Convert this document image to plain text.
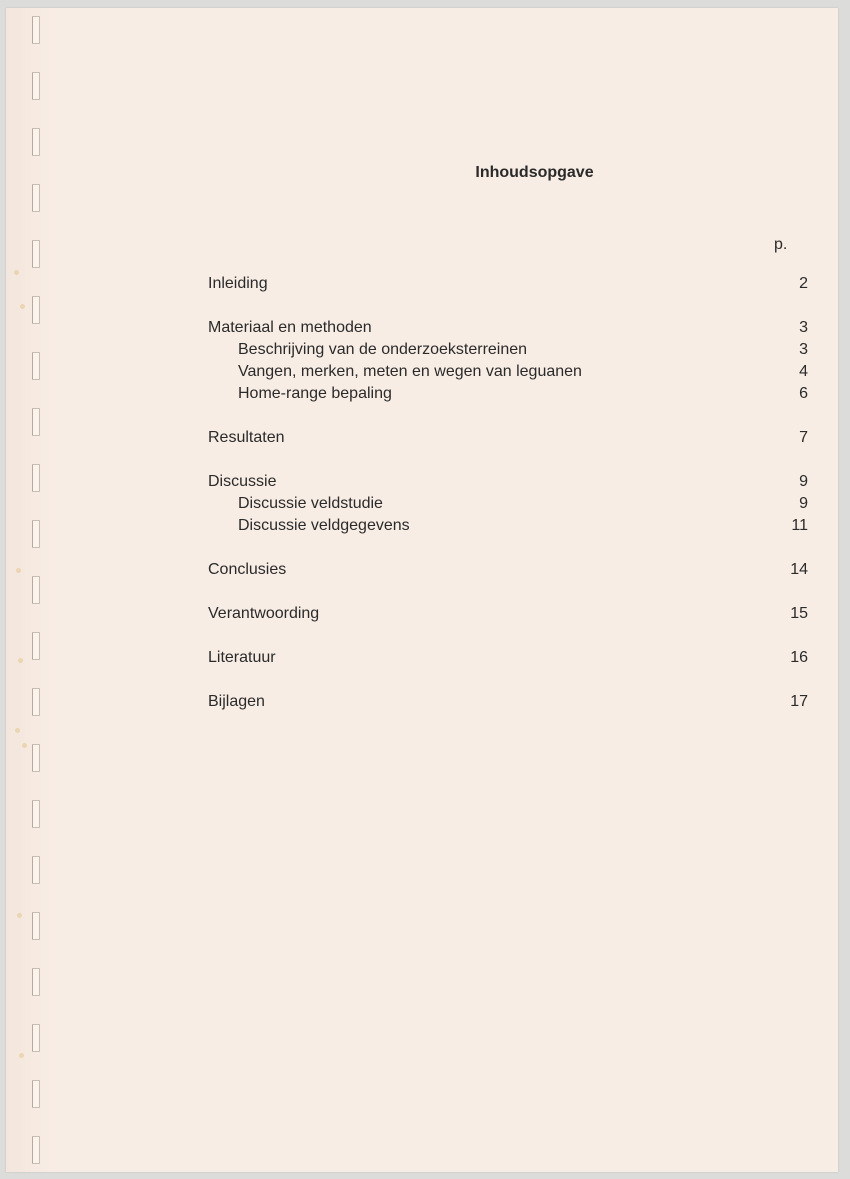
Inhoudsopgave
p.
Inleiding	2
Materiaal en methoden	3
Beschrijving van de onderzoeksterreinen	3
Vangen, merken, meten en wegen van leguanen	4
Home-range bepaling	6
Resultaten	7
Discussie	9
Discussie veldstudie	9
Discussie veldgegevens	11
Conclusies	14
Verantwoording	15
Literatuur	16
Bijlagen	17
